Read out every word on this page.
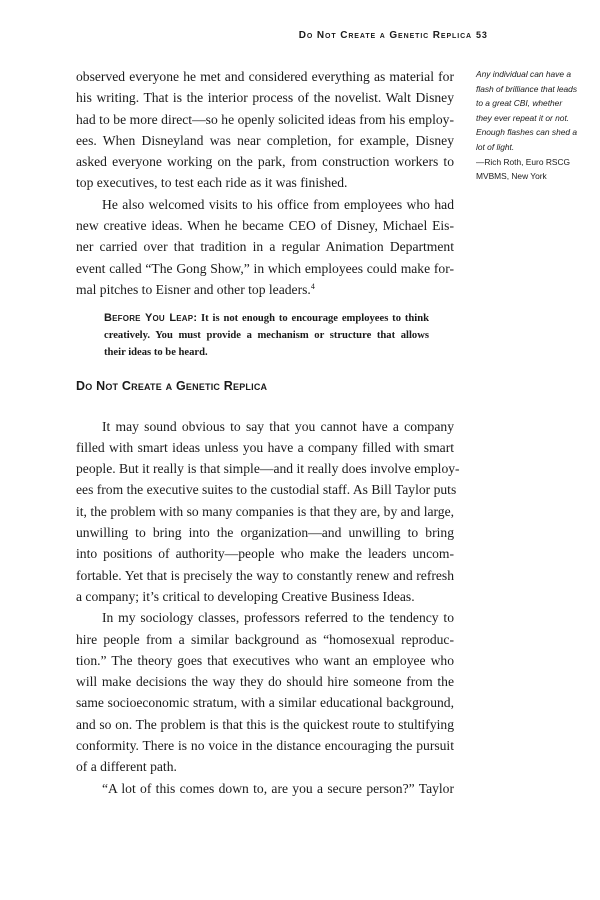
Do Not Create a Genetic Replica 53
Any individual can have a
flash of brilliance that leads
to a great CBI, whether
they ever repeat it or not.
Enough flashes can shed a
lot of light.
—Rich Roth, Euro RSCG
MVBMS, New York

observed everyone he met and considered everything as material for
his writing. That is the interior process of the novelist. Walt Disney
had to be more direct—so he openly solicited ideas from his employ-
ees. When Disneyland was near completion, for example, Disney
asked everyone working on the park, from construction workers to
top executives, to test each ride as it was finished.

He also welcomed visits to his office from employees who had
new creative ideas. When he became CEO of Disney, Michael Eis-
ner carried over that tradition in a regular Animation Department
event called “The Gong Show,” in which employees could make for-
mal pitches to Eisner and other top leaders.$^4$

Before You Leap: It is not enough to encourage employees to think
creatively. You must provide a mechanism or structure that allows
their ideas to be heard.
Do Not Create a Genetic Replica

It may sound obvious to say that you cannot have a company
filled with smart ideas unless you have a company filled with smart
people. But it really is that simple—and it really does involve employ-
ees from the executive suites to the custodial staff. As Bill Taylor puts
it, the problem with so many companies is that they are, by and large,
unwilling to bring into the organization—and unwilling to bring
into positions of authority—people who make the leaders uncom-
fortable. Yet that is precisely the way to constantly renew and refresh
a company; it’s critical to developing Creative Business Ideas.

In my sociology classes, professors referred to the tendency to
hire people from a similar background as “homosexual reproduc-
tion.” The theory goes that executives who want an employee who
will make decisions the way they do should hire someone from the
same socioeconomic stratum, with a similar educational background,
and so on. The problem is that this is the quickest route to stultifying
conformity. There is no voice in the distance encouraging the pursuit
of a different path.

“A lot of this comes down to, are you a secure person?” Taylor
